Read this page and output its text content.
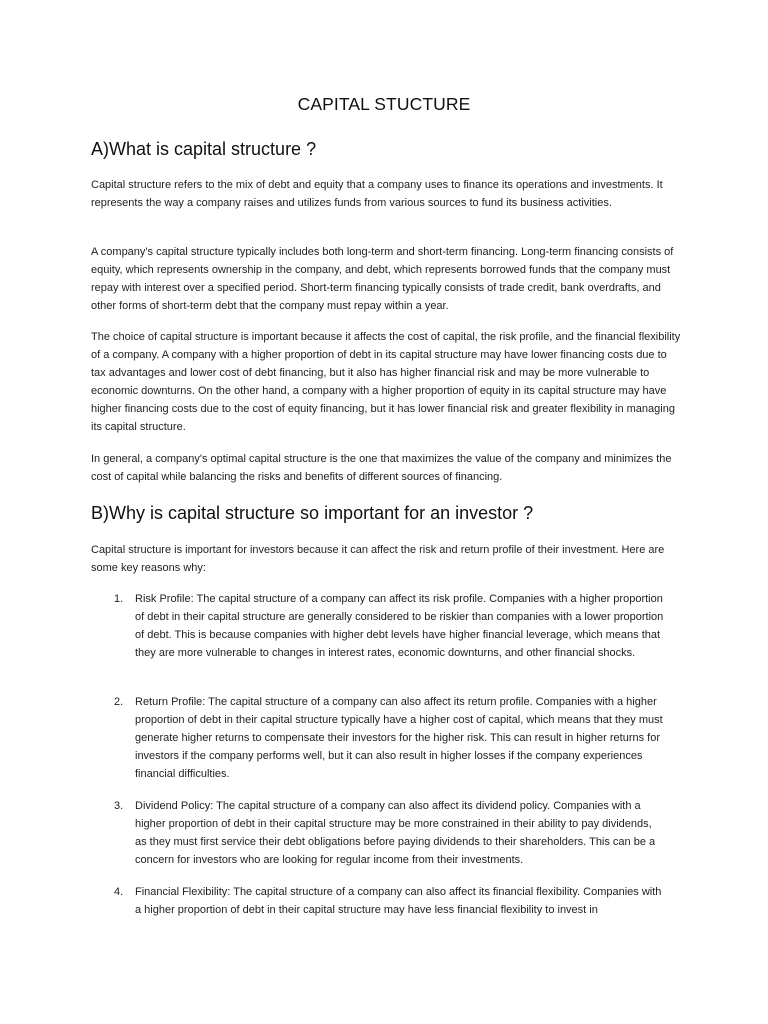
CAPITAL STUCTURE
A)What is capital structure ?

Capital structure refers to the mix of debt and equity that a company uses to finance its operations and investments. It represents the way a company raises and utilizes funds from various sources to fund its business activities.

A company's capital structure typically includes both long-term and short-term financing. Long-term financing consists of equity, which represents ownership in the company, and debt, which represents borrowed funds that the company must repay with interest over a specified period. Short-term financing typically consists of trade credit, bank overdrafts, and other forms of short-term debt that the company must repay within a year.

The choice of capital structure is important because it affects the cost of capital, the risk profile, and the financial flexibility of a company. A company with a higher proportion of debt in its capital structure may have lower financing costs due to tax advantages and lower cost of debt financing, but it also has higher financial risk and may be more vulnerable to economic downturns. On the other hand, a company with a higher proportion of equity in its capital structure may have higher financing costs due to the cost of equity financing, but it has lower financial risk and greater flexibility in managing its capital structure.

In general, a company's optimal capital structure is the one that maximizes the value of the company and minimizes the cost of capital while balancing the risks and benefits of different sources of financing.

B)Why is capital structure so important for an investor ?

Capital structure is important for investors because it can affect the risk and return profile of their investment. Here are some key reasons why:

1. Risk Profile: The capital structure of a company can affect its risk profile. Companies with a higher proportion of debt in their capital structure are generally considered to be riskier than companies with a lower proportion of debt. This is because companies with higher debt levels have higher financial leverage, which means that they are more vulnerable to changes in interest rates, economic downturns, and other financial shocks.
2. Return Profile: The capital structure of a company can also affect its return profile. Companies with a higher proportion of debt in their capital structure typically have a higher cost of capital, which means that they must generate higher returns to compensate their investors for the higher risk. This can result in higher returns for investors if the company performs well, but it can also result in higher losses if the company experiences financial difficulties.
3. Dividend Policy: The capital structure of a company can also affect its dividend policy. Companies with a higher proportion of debt in their capital structure may be more constrained in their ability to pay dividends, as they must first service their debt obligations before paying dividends to their shareholders. This can be a concern for investors who are looking for regular income from their investments.
4. Financial Flexibility: The capital structure of a company can also affect its financial flexibility. Companies with a higher proportion of debt in their capital structure may have less financial flexibility to invest in
